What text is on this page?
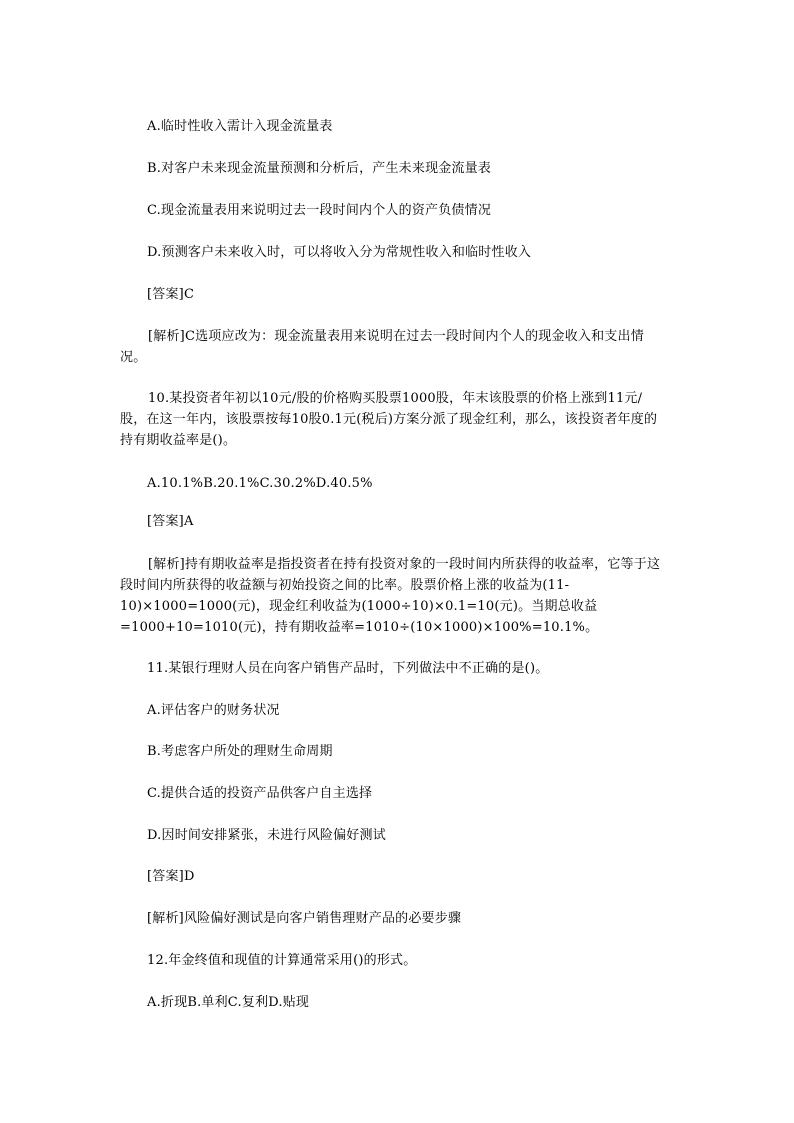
A.临时性收入需计入现金流量表
B.对客户未来现金流量预测和分析后，产生未来现金流量表
C.现金流量表用来说明过去一段时间内个人的资产负债情况
D.预测客户未来收入时，可以将收入分为常规性收入和临时性收入
[答案]C
[解析]C选项应改为：现金流量表用来说明在过去一段时间内个人的现金收入和支出情况。
10.某投资者年初以10元/股的价格购买股票1000股，年末该股票的价格上涨到11元/股，在这一年内，该股票按每10股0.1元(税后)方案分派了现金红利，那么，该投资者年度的持有期收益率是()。
A.10.1%B.20.1%C.30.2%D.40.5%
[答案]A
[解析]持有期收益率是指投资者在持有投资对象的一段时间内所获得的收益率，它等于这段时间内所获得的收益额与初始投资之间的比率。股票价格上涨的收益为(11-10)×1000=1000(元)，现金红利收益为(1000÷10)×0.1=10(元)。当期总收益=1000+10=1010(元)，持有期收益率=1010÷(10×1000)×100%=10.1%。
11.某银行理财人员在向客户销售产品时，下列做法中不正确的是()。
A.评估客户的财务状况
B.考虑客户所处的理财生命周期
C.提供合适的投资产品供客户自主选择
D.因时间安排紧张，未进行风险偏好测试
[答案]D
[解析]风险偏好测试是向客户销售理财产品的必要步骤
12.年金终值和现值的计算通常采用()的形式。
A.折现B.单利C.复利D.贴现
